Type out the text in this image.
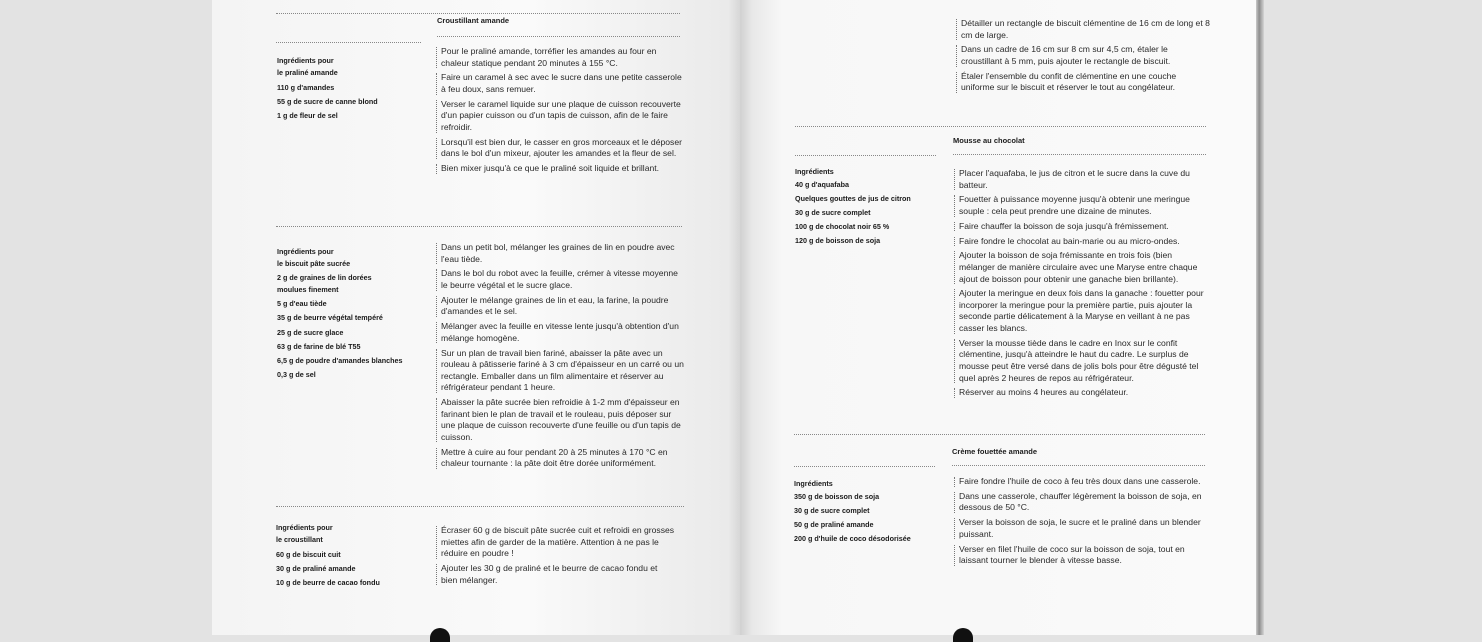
Croustillant amande
Ingrédients pour
le praliné amande
110 g d'amandes
55 g de sucre de canne blond
1 g de fleur de sel

Pour le praliné amande, torréfier les amandes au four en chaleur statique pendant 20 minutes à 155 °C.

Faire un caramel à sec avec le sucre dans une petite casserole à feu doux, sans remuer.

Verser le caramel liquide sur une plaque de cuisson recouverte d'un papier cuisson ou d'un tapis de cuisson, afin de le faire refroidir.

Lorsqu'il est bien dur, le casser en gros morceaux et le déposer dans le bol d'un mixeur, ajouter les amandes et la fleur de sel.

Bien mixer jusqu'à ce que le praliné soit liquide et brillant.

Ingrédients pour
le biscuit pâte sucrée
2 g de graines de lin dorées
moulues finement
5 g d'eau tiède
35 g de beurre végétal tempéré
25 g de sucre glace
63 g de farine de blé T55
6,5 g de poudre d'amandes blanches
0,3 g de sel

Dans un petit bol, mélanger les graines de lin en poudre avec l'eau tiède.

Dans le bol du robot avec la feuille, crémer à vitesse moyenne le beurre végétal et le sucre glace.

Ajouter le mélange graines de lin et eau, la farine, la poudre d'amandes et le sel.

Mélanger avec la feuille en vitesse lente jusqu'à obtention d'un mélange homogène.

Sur un plan de travail bien fariné, abaisser la pâte avec un rouleau à pâtisserie fariné à 3 cm d'épaisseur en un carré ou un rectangle. Emballer dans un film alimentaire et réserver au réfrigérateur pendant 1 heure.

Abaisser la pâte sucrée bien refroidie à 1-2 mm d'épaisseur en farinant bien le plan de travail et le rouleau, puis déposer sur une plaque de cuisson recouverte d'une feuille ou d'un tapis de cuisson.

Mettre à cuire au four pendant 20 à 25 minutes à 170 °C en chaleur tournante : la pâte doit être dorée uniformément.

Ingrédients pour
le croustillant
60 g de biscuit cuit
30 g de praliné amande
10 g de beurre de cacao fondu

Écraser 60 g de biscuit pâte sucrée cuit et refroidi en grosses miettes afin de garder de la matière. Attention à ne pas le réduire en poudre !

Ajouter les 30 g de praliné et le beurre de cacao fondu et bien mélanger.

Détailler un rectangle de biscuit clémentine de 16 cm de long et 8 cm de large.

Dans un cadre de 16 cm sur 8 cm sur 4,5 cm, étaler le croustillant à 5 mm, puis ajouter le rectangle de biscuit.

Étaler l'ensemble du confit de clémentine en une couche uniforme sur le biscuit et réserver le tout au congélateur.

Mousse au chocolat
Ingrédients
40 g d'aquafaba
Quelques gouttes de jus de citron
30 g de sucre complet
100 g de chocolat noir 65 %
120 g de boisson de soja

Placer l'aquafaba, le jus de citron et le sucre dans la cuve du batteur.

Fouetter à puissance moyenne jusqu'à obtenir une meringue souple : cela peut prendre une dizaine de minutes.

Faire chauffer la boisson de soja jusqu'à frémissement.

Faire fondre le chocolat au bain-marie ou au micro-ondes.

Ajouter la boisson de soja frémissante en trois fois (bien mélanger de manière circulaire avec une Maryse entre chaque ajout de boisson pour obtenir une ganache bien brillante).

Ajouter la meringue en deux fois dans la ganache : fouetter pour incorporer la meringue pour la première partie, puis ajouter la seconde partie délicatement à la Maryse en veillant à ne pas casser les blancs.

Verser la mousse tiède dans le cadre en Inox sur le confit clémentine, jusqu'à atteindre le haut du cadre. Le surplus de mousse peut être versé dans de jolis bols pour être dégusté tel quel après 2 heures de repos au réfrigérateur.

Réserver au moins 4 heures au congélateur.

Crème fouettée amande
Ingrédients
350 g de boisson de soja
30 g de sucre complet
50 g de praliné amande
200 g d'huile de coco désodorisée

Faire fondre l'huile de coco à feu très doux dans une casserole.

Dans une casserole, chauffer légèrement la boisson de soja, en dessous de 50 °C.

Verser la boisson de soja, le sucre et le praliné dans un blender puissant.

Verser en filet l'huile de coco sur la boisson de soja, tout en laissant tourner le blender à vitesse basse.
